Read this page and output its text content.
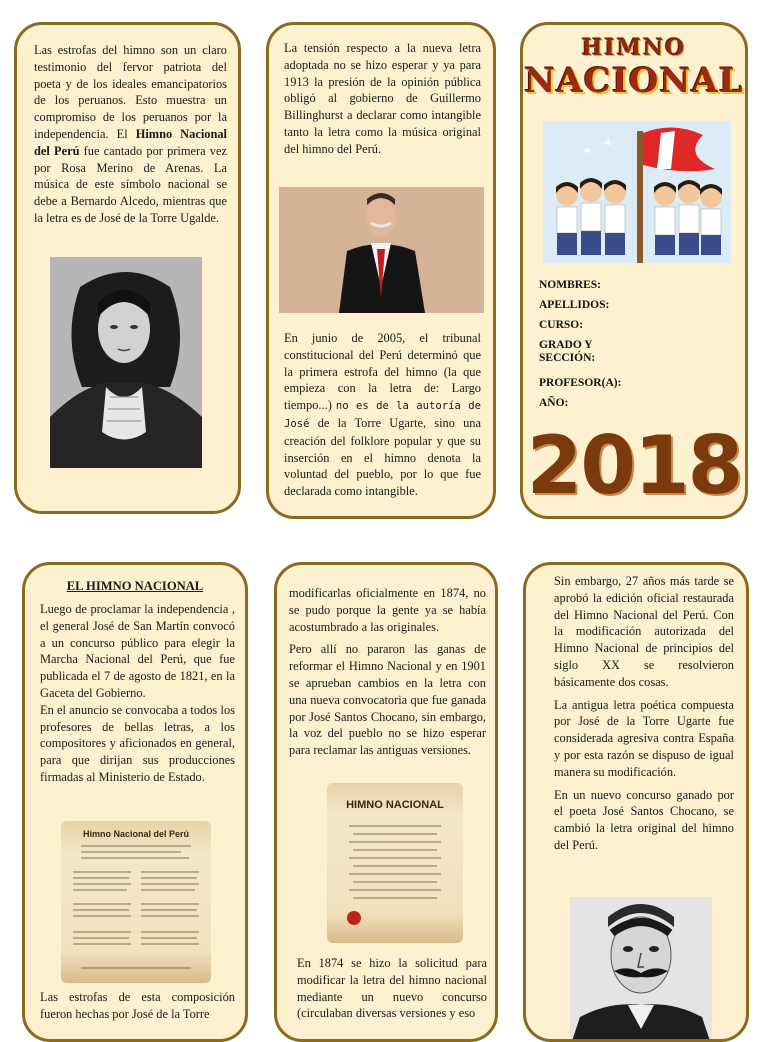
Las estrofas del himno son un claro testimonio del fervor patriota del poeta y de los ideales emancipatorios de los peruanos. Esto muestra un compromiso de los peruanos por la independencia. El Himno Nacional del Perú fue cantado por primera vez por Rosa Merino de Arenas. La música de este símbolo nacional se debe a Bernardo Alcedo, mientras que la letra es de José de la Torre Ugalde.

La tensión respecto a la nueva letra adoptada no se hizo esperar y ya para 1913 la presión de la opinión pública obligó al gobierno de Guillermo Billinghurst a declarar como intangible tanto la letra como la música original del himno del Perú.

En junio de 2005, el tribunal constitucional del Perú determinó que la primera estrofa del himno (la que empieza con la letra de: Largo tiempo...) no es de la autoría de José de la Torre Ugarte, sino una creación del folklore popular y que su inserción en el himno denota la voluntad del pueblo, por lo que fue declarada como intangible.
HIMNO
NACIONAL
NOMBRES:
APELLIDOS:
CURSO:
GRADO Y SECCIÓN:
PROFESOR(A):
AÑO:
2018
EL HIMNO NACIONAL
Luego de proclamar la independencia , el general José de San Martín convocó a un concurso público para elegir la Marcha Nacional del Perú, que fue publicada el 7 de agosto de 1821, en la Gaceta del Gobierno.
En el anuncio se convocaba a todos los profesores de bellas letras, a los compositores y aficionados en general, para que dirijan sus producciones firmadas al Ministerio de Estado.
Himno Nacional del Perú
Las estrofas de esta composición fueron hechas por José de la Torre

modificarlas oficialmente en 1874, no se pudo porque la gente ya se había acostumbrado a las originales.

Pero allí no pararon las ganas de reformar el Himno Nacional y en 1901 se aprueban cambios en la letra con una nueva convocatoria que fue ganada por José Santos Chocano, sin embargo, la voz del pueblo no se hizo esperar para reclamar las antiguas versiones.

HIMNO NACIONAL
En 1874 se hizo la solicitud para modificar la letra del himno nacional mediante un nuevo concurso (circulaban diversas versiones y eso

Sin embargo, 27 años más tarde se aprobó la edición oficial restaurada del Himno Nacional del Perú. Con la modificación autorizada del Himno Nacional de principios del siglo XX se resolvieron básicamente dos cosas.

La antigua letra poética compuesta por José de la Torre Ugarte fue considerada agresiva contra España y por esta razón se dispuso de igual manera su modificación.

En un nuevo concurso ganado por el poeta José Santos Chocano, se cambió la letra original del himno del Perú.
